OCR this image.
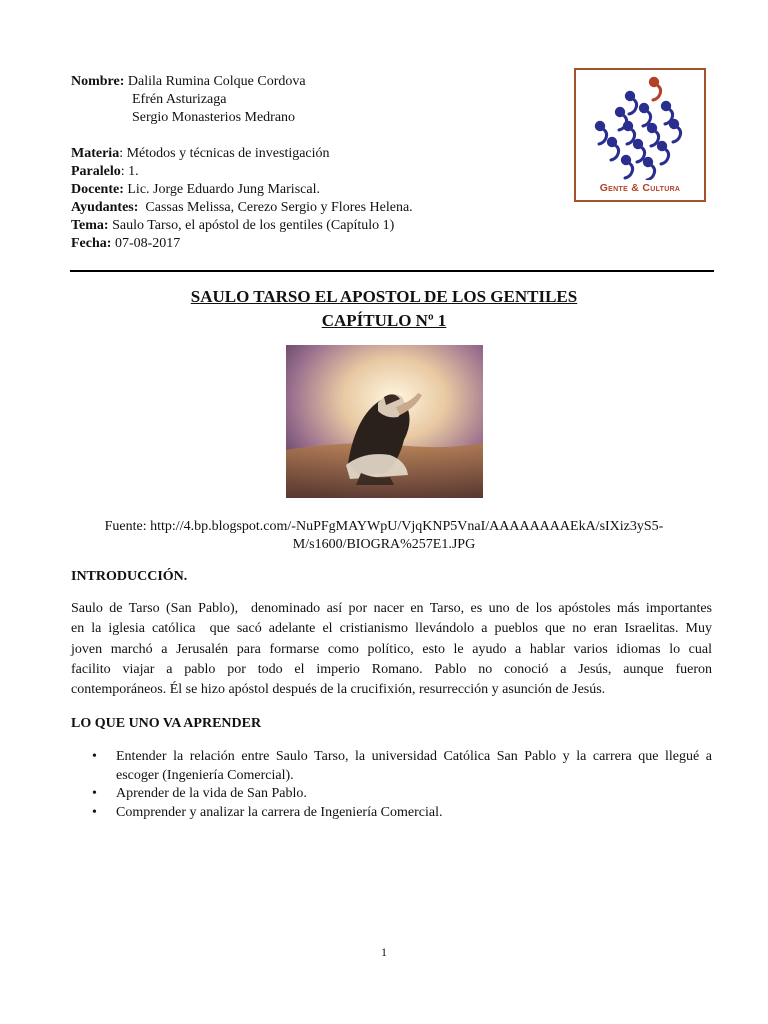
Nombre: Dalila Rumina Colque Cordova
Efrén Asturizaga
Sergio Monasterios Medrano
Materia: Métodos y técnicas de investigación
Paralelo: 1.
Docente: Lic. Jorge Eduardo Jung Mariscal.
Ayudantes:  Cassas Melissa, Cerezo Sergio y Flores Helena.
Tema: Saulo Tarso, el apóstol de los gentiles (Capítulo 1)
Fecha: 07-08-2017
Gente & Cultura
SAULO TARSO EL APOSTOL DE LOS GENTILES
CAPÍTULO Nº 1
Fuente: http://4.bp.blogspot.com/-NuPFgMAYWpU/VjqKNP5VnaI/AAAAAAAAEkA/sIXiz3yS5-
M/s1600/BIOGRA%257E1.JPG
INTRODUCCIÓN.
Saulo de Tarso (San Pablo),  denominado así por nacer en Tarso, es uno de los apóstoles más importantes
en la iglesia católica  que sacó adelante el cristianismo llevándolo a pueblos que no eran Israelitas. Muy
joven marchó a Jerusalén para formarse como político, esto le ayudo a hablar varios idiomas lo cual
facilito viajar a pablo por todo el imperio Romano. Pablo no conoció a Jesús, aunque fueron
contemporáneos. Él se hizo apóstol después de la crucifixión, resurrección y asunción de Jesús.
LO QUE UNO VA APRENDER
• Entender la relación entre Saulo Tarso, la universidad Católica San Pablo y la carrera que llegué a
escoger (Ingeniería Comercial).
• Aprender de la vida de San Pablo.
• Comprender y analizar la carrera de Ingeniería Comercial.
1
